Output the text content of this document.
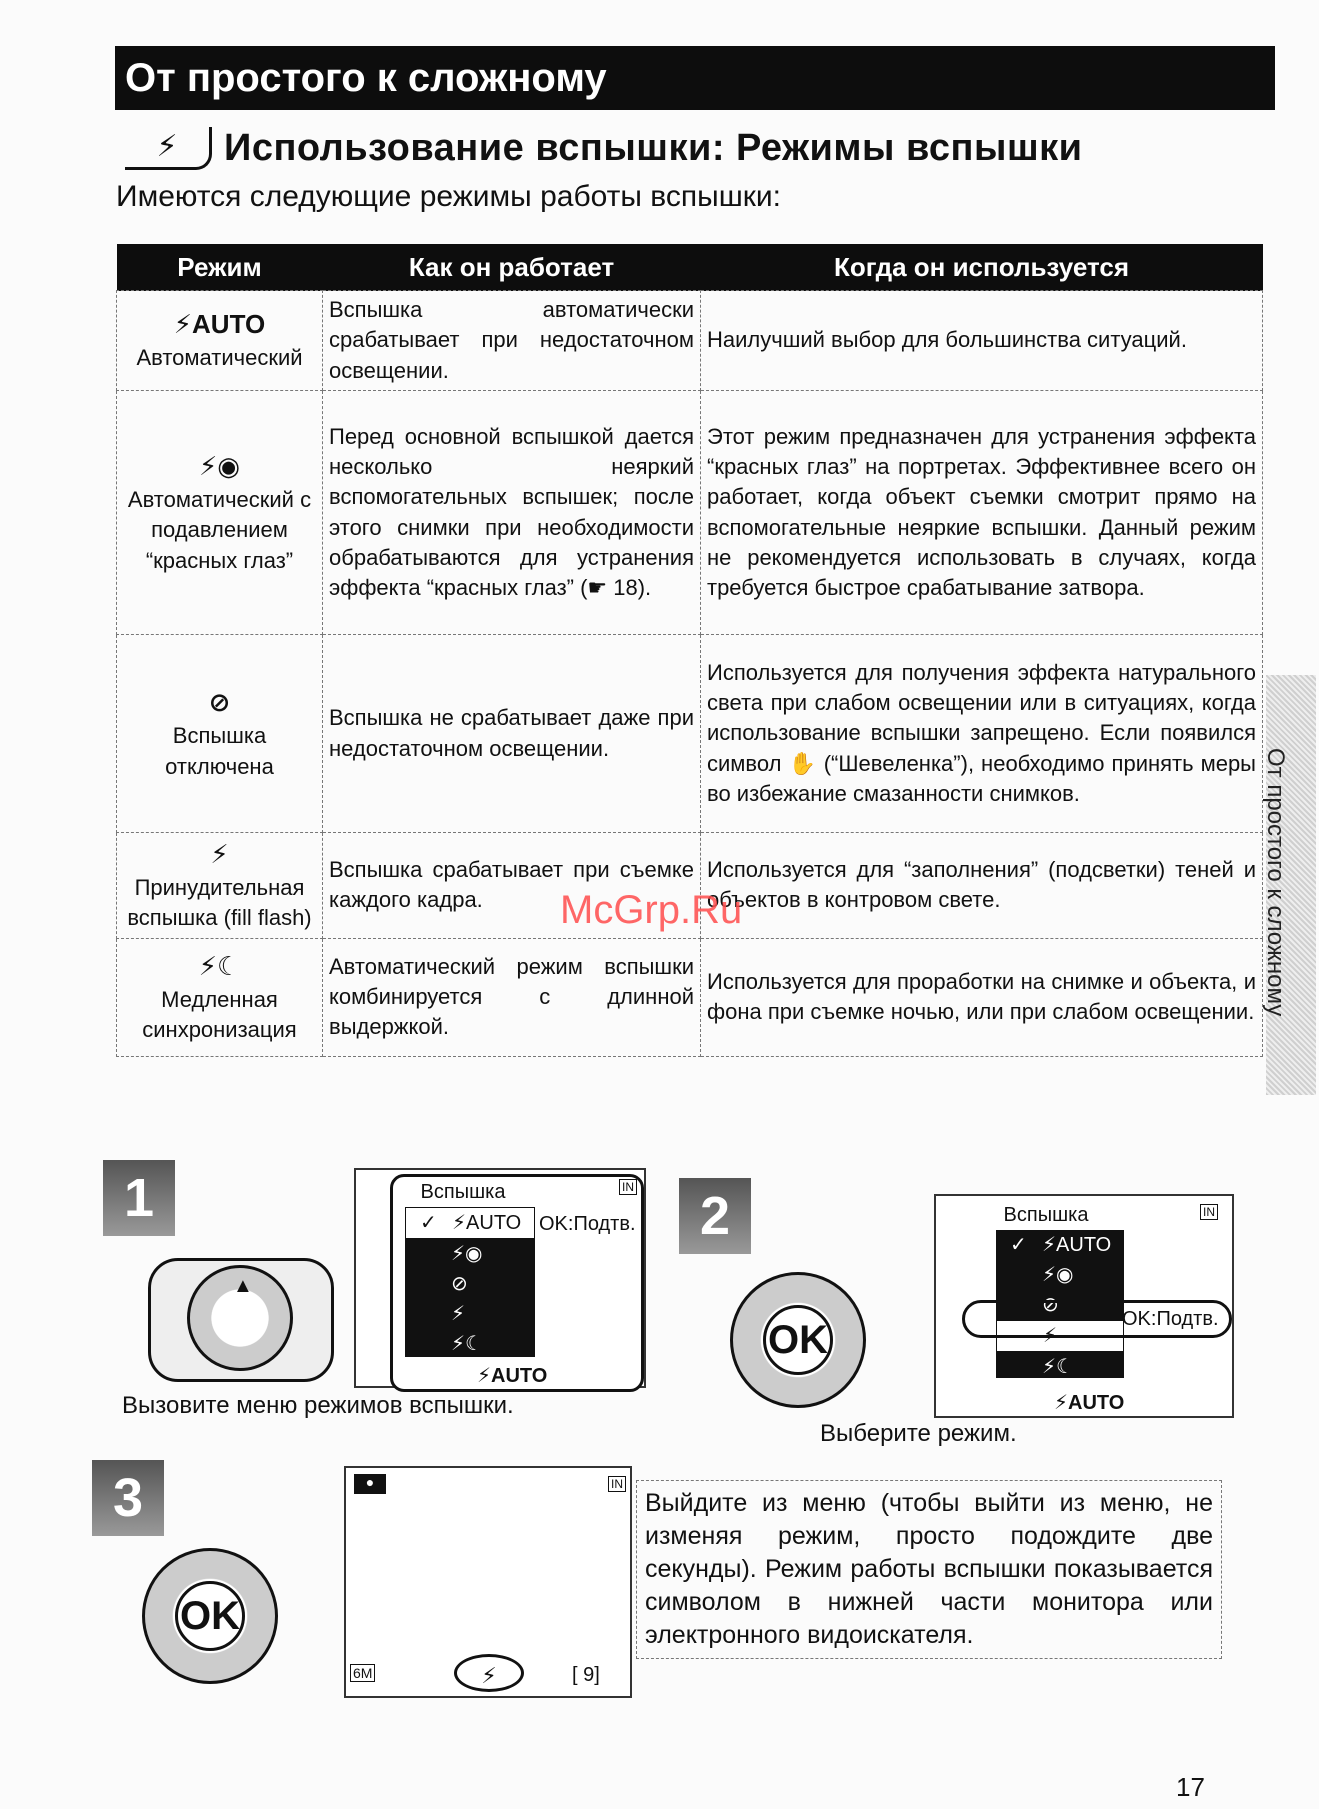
От простого к сложному
От простого к сложному
⚡	Использование вспышки: Режимы вспышки
Имеются следующие режимы работы вспышки:
Режим	Как он работает	Когда он используется

⚡AUTO
Автоматический	Вспышка автоматически срабатывает при недостаточном освещении.	Наилучший выбор для большинства ситуаций.

⚡◉
Автоматический с подавлением “красных глаз”	Перед основной вспышкой дается несколько неяркий вспомогательных вспышек; после этого снимки при необходимости обрабатываются для устранения эффекта “красных глаз” (☛ 18).	Этот режим предназначен для устранения эффекта “красных глаз” на портретах. Эффективнее всего он работает, когда объект съемки смотрит прямо на вспомогательные неяркие вспышки. Данный режим не рекомендуется использовать в случаях, когда требуется быстрое срабатывание затвора.

⊘
Вспышка отключена	Вспышка не срабатывает даже при недостаточном освещении.	Используется для получения эффекта натурального света при слабом освещении или в ситуациях, когда использование вспышки запрещено. Если появился символ ✋ (“Шевеленка”), необходимо принять меры во избежание смазанности снимков.

⚡
Принудительная вспышка (fill flash)	Вспышка срабатывает при съемке каждого кадра.	Используется для “заполнения” (подсветки) теней и объектов в контровом свете.

⚡☾
Медленная синхронизация	Автоматический режим вспышки комбинируется с длинной выдержкой.	Используется для проработки на снимке и объекта, и фона при съемке ночью, или при слабом освещении.
McGrp.Ru
1
▲
Вспышка	IN
✓ ⚡AUTO
⚡◉
⊘
⚡
⚡☾
OK:Подтв.
⚡AUTO
Вызовите меню режимов вспышки.
2
OK
Вспышка	IN
✓ ⚡AUTO
⚡◉
⊘
⚡
⚡☾
OK:Подтв.
⚡AUTO
Выберите режим.
3
OK
●	IN
6M	⚡	[ 9]
Выйдите из меню (чтобы выйти из меню, не изменяя режим, просто подождите две секунды). Режим работы вспышки показывается символом в нижней части монитора или электронного видоискателя.
17
